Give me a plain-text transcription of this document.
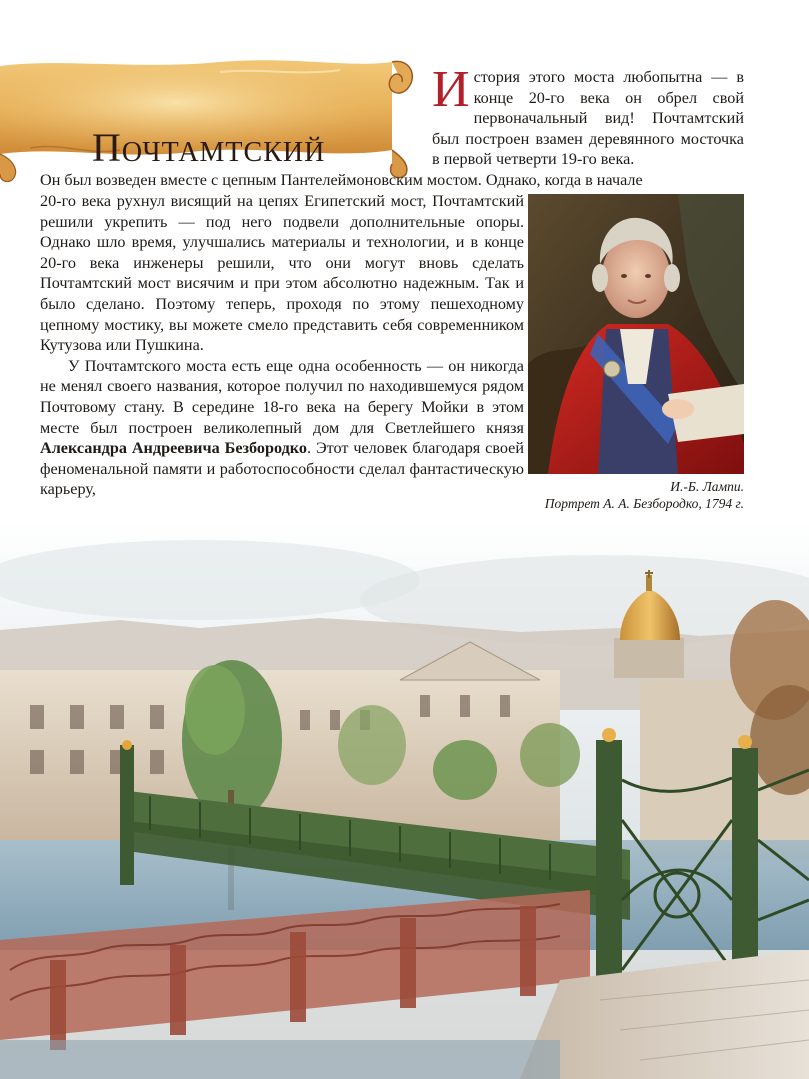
Почтамтский
История этого моста любопытна — в конце 20-го века он обрел свой первоначальный вид! Почтамтский был построен взамен деревянного мосточка в первой четверти 19-го века.

Он был возведен вместе с цепным Пантелеймоновским мостом. Однако, когда в начале

20-го века рухнул висящий на цепях Египетский мост, Почтамтский решили укрепить — под него подвели дополнительные опоры. Однако шло время, улучшались материалы и технологии, и в конце 20-го века инженеры решили, что они могут вновь сделать Почтамтский мост висячим и при этом абсолютно надежным. Так и было сделано. Поэтому теперь, проходя по этому пешеходному цепному мостику, вы можете смело представить себя современником Кутузова или Пушкина.

У Почтамтского моста есть еще одна особенность — он никогда не менял своего названия, которое получил по находившемуся рядом Почтовому стану. В середине 18-го века на берегу Мойки в этом месте был построен великолепный дом для Светлейшего князя Александра Андреевича Безбородко. Этот человек благодаря своей феноменальной памяти и работоспособности сделал фантастическую карьеру,	И.-Б. Лампи.
Портрет А. А. Безбородко, 1794 г.
